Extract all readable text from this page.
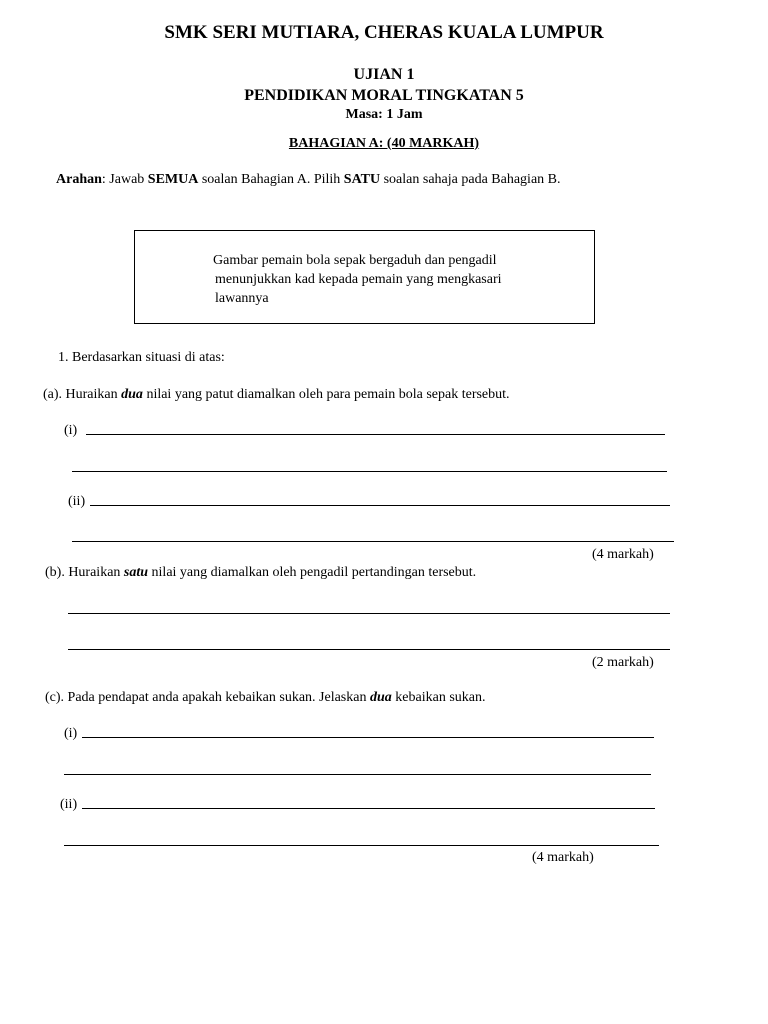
SMK SERI MUTIARA, CHERAS KUALA LUMPUR
UJIAN 1
PENDIDIKAN MORAL TINGKATAN 5
Masa: 1 Jam
BAHAGIAN A: (40 MARKAH)
Arahan: Jawab SEMUA soalan Bahagian A. Pilih SATU soalan sahaja pada Bahagian B.
Gambar pemain bola sepak bergaduh dan pengadil
menunjukkan kad kepada pemain yang mengkasari
lawannya
1. Berdasarkan situasi di atas:
(a). Huraikan dua nilai yang patut diamalkan oleh para pemain bola sepak tersebut.
(i)
(ii)
(4 markah)
(b). Huraikan satu nilai yang diamalkan oleh pengadil pertandingan tersebut.
(2 markah)
(c). Pada pendapat anda apakah kebaikan sukan. Jelaskan dua kebaikan sukan.
(i)
(ii)
(4 markah)
